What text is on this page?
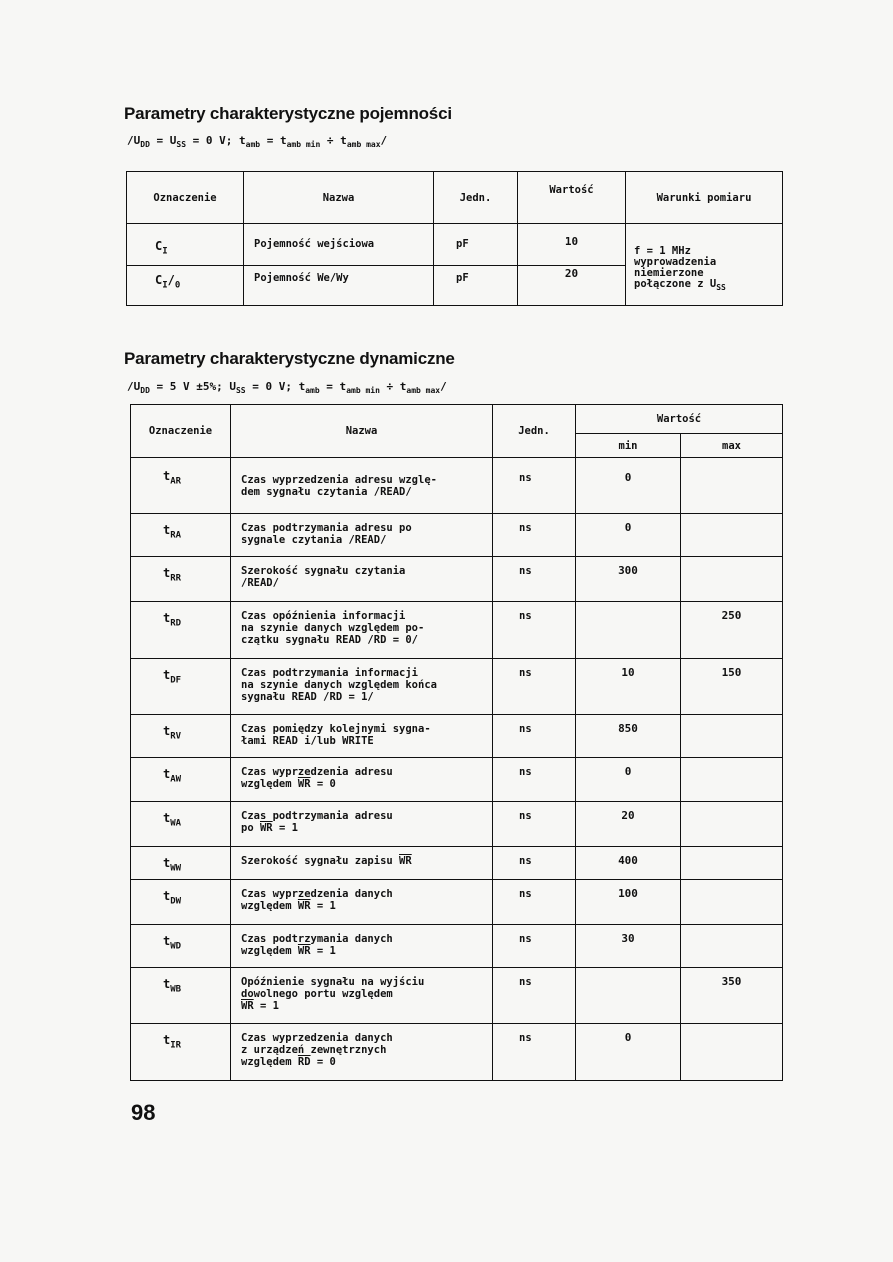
Parametry charakterystyczne pojemności
$/U_{DD} = U_{SS} = 0$ V; $t_{amb} = t_{amb min} \div t_{amb max}/$
Oznaczenie	Nazwa	Jedn.	Wartość	Warunki pomiaru
$C_I$	Pojemność wejściowa	pF	10	f = 1 MHz
wyprowadzenia
niemierzone
połączone z $U_{SS}$

$C_I/_0$	Pojemność We/Wy	pF	20	
Parametry charakterystyczne dynamiczne
$/U_{DD} = 5$ V ±5%; $U_{SS} = 0$ V; $t_{amb} = t_{amb min} \div t_{amb max}/$
Oznaczenie	Nazwa	Jedn.	Wartość	
			min	max
$t_{AR}$	Czas wyprzedzenia adresu wzglę-
dem sygnału czytania /READ/	ns	0	
$t_{RA}$	Czas podtrzymania adresu po
sygnale czytania /READ/	ns	0	
$t_{RR}$	Szerokość sygnału czytania
/READ/	ns	300	
$t_{RD}$	Czas opóźnienia informacji
na szynie danych względem po-
czątku sygnału READ /RD = 0/	ns		250
$t_{DF}$	Czas podtrzymania informacji
na szynie danych względem końca
sygnału READ /RD = 1/	ns	10	150
$t_{RV}$	Czas pomiędzy kolejnymi sygna-
łami READ i/lub WRITE	ns	850	
$t_{AW}$	Czas wyprzedzenia adresu
względem $\overline{WR} = 0$	ns	0	
$t_{WA}$	Czas podtrzymania adresu
po $\overline{WR} = 1$	ns	20	
$t_{WW}$	Szerokość sygnału zapisu $\overline{WR}$	ns	400	
$t_{DW}$	Czas wyprzedzenia danych
względem $\overline{WR} = 1$	ns	100	
$t_{WD}$	Czas podtrzymania danych
względem $\overline{WR} = 1$	ns	30	
$t_{WB}$	Opóźnienie sygnału na wyjściu
dowolnego portu względem
$\overline{WR} = 1$	ns		350
$t_{IR}$	Czas wyprzedzenia danych
z urządzeń zewnętrznych
względem $\overline{RD} = 0$	ns	0	
98
